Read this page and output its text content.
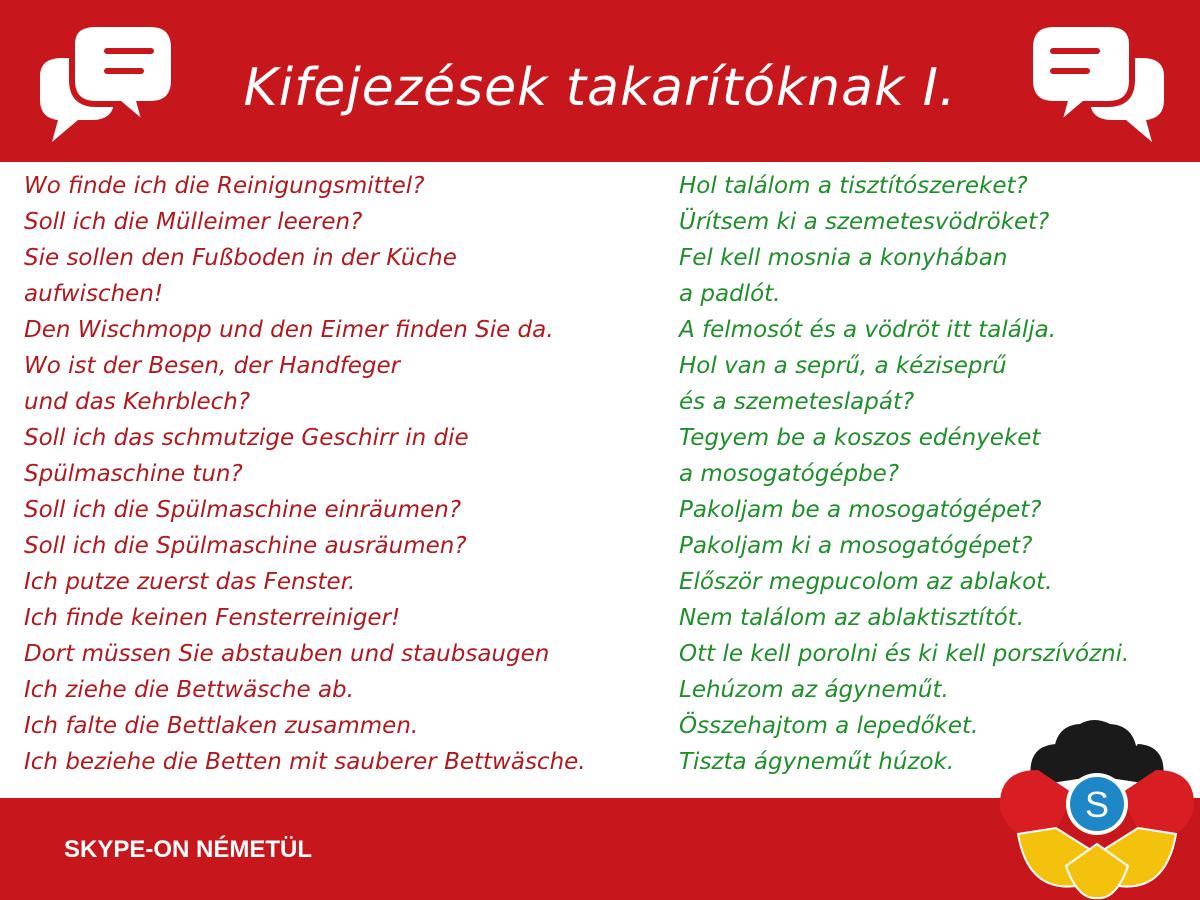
Kifejezések takarítóknak I.
Wo finde ich die Reinigungsmittel?
Soll ich die Mülleimer leeren?
Sie sollen den Fußboden in der Küche
aufwischen!
Den Wischmopp und den Eimer finden Sie da.
Wo ist der Besen, der Handfeger
und das Kehrblech?
Soll ich das schmutzige Geschirr in die
Spülmaschine tun?
Soll ich die Spülmaschine einräumen?
Soll ich die Spülmaschine ausräumen?
Ich putze zuerst das Fenster.
Ich finde keinen Fensterreiniger!
Dort müssen Sie abstauben und staubsaugen
Ich ziehe die Bettwäsche ab.
Ich falte die Bettlaken zusammen.
Ich beziehe die Betten mit sauberer Bettwäsche.
Hol találom a tisztítószereket?
Ürítsem ki a szemetesvödröket?
Fel kell mosnia a konyhában
a padlót.
A felmosót és a vödröt itt találja.
Hol van a seprű, a kéziseprű
és a szemeteslapát?
Tegyem be a koszos edényeket
a mosogatógépbe?
Pakoljam be a mosogatógépet?
Pakoljam ki a mosogatógépet?
Először megpucolom az ablakot.
Nem találom az ablaktisztítót.
Ott le kell porolni és ki kell porszívózni.
Lehúzom az ágyneműt.
Összehajtom a lepedőket.
Tiszta ágyneműt húzok.
SKYPE-ON NÉMETÜL
S
